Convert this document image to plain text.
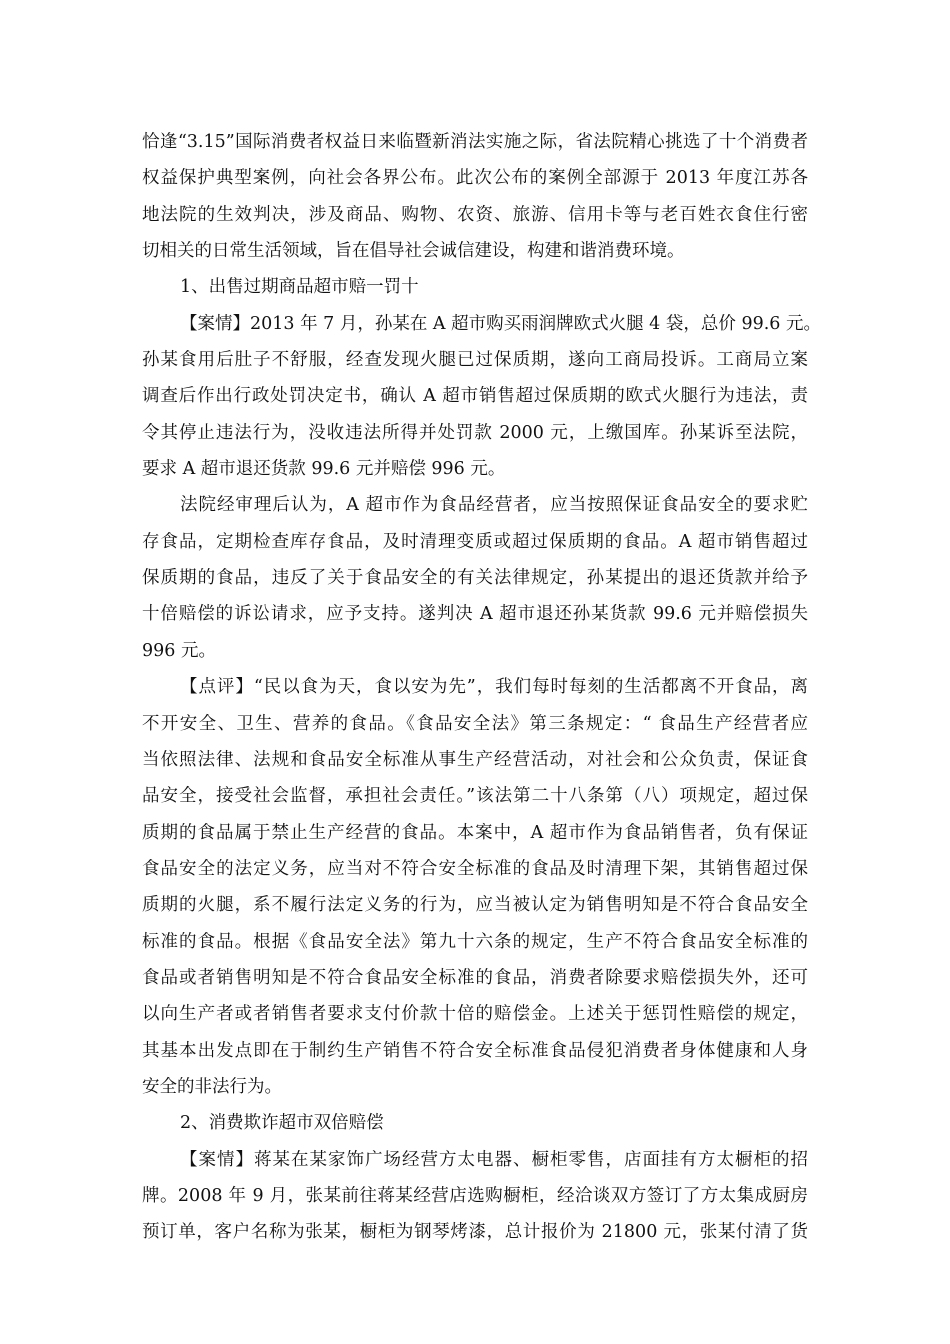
恰逢“3.15”国际消费者权益日来临暨新消法实施之际，省法院精心挑选了十个消费者
权益保护典型案例，向社会各界公布。此次公布的案例全部源于 2013 年度江苏各
地法院的生效判决，涉及商品、购物、农资、旅游、信用卡等与老百姓衣食住行密
切相关的日常生活领域，旨在倡导社会诚信建设，构建和谐消费环境。
1、出售过期商品超市赔一罚十
【案情】2013 年 7 月，孙某在 A 超市购买雨润牌欧式火腿 4 袋，总价 99.6 元。
孙某食用后肚子不舒服，经查发现火腿已过保质期，遂向工商局投诉。工商局立案
调查后作出行政处罚决定书，确认 A 超市销售超过保质期的欧式火腿行为违法，责
令其停止违法行为，没收违法所得并处罚款 2000 元，上缴国库。孙某诉至法院，
要求 A 超市退还货款 99.6 元并赔偿 996 元。
法院经审理后认为，A 超市作为食品经营者，应当按照保证食品安全的要求贮
存食品，定期检查库存食品，及时清理变质或超过保质期的食品。A 超市销售超过
保质期的食品，违反了关于食品安全的有关法律规定，孙某提出的退还货款并给予
十倍赔偿的诉讼请求，应予支持。遂判决 A 超市退还孙某货款 99.6 元并赔偿损失
996 元。
【点评】“民以食为天，食以安为先”，我们每时每刻的生活都离不开食品，离
不开安全、卫生、营养的食品。《食品安全法》第三条规定：“ 食品生产经营者应
当依照法律、法规和食品安全标准从事生产经营活动，对社会和公众负责，保证食
品安全，接受社会监督，承担社会责任。”该法第二十八条第（八）项规定，超过保
质期的食品属于禁止生产经营的食品。本案中，A 超市作为食品销售者，负有保证
食品安全的法定义务，应当对不符合安全标准的食品及时清理下架，其销售超过保
质期的火腿，系不履行法定义务的行为，应当被认定为销售明知是不符合食品安全
标准的食品。根据《食品安全法》第九十六条的规定，生产不符合食品安全标准的
食品或者销售明知是不符合食品安全标准的食品，消费者除要求赔偿损失外，还可
以向生产者或者销售者要求支付价款十倍的赔偿金。上述关于惩罚性赔偿的规定，
其基本出发点即在于制约生产销售不符合安全标准食品侵犯消费者身体健康和人身
安全的非法行为。
2、消费欺诈超市双倍赔偿
【案情】蒋某在某家饰广场经营方太电器、橱柜零售，店面挂有方太橱柜的招
牌。2008 年 9 月，张某前往蒋某经营店选购橱柜，经洽谈双方签订了方太集成厨房
预订单，客户名称为张某，橱柜为钢琴烤漆，总计报价为 21800 元，张某付清了货
